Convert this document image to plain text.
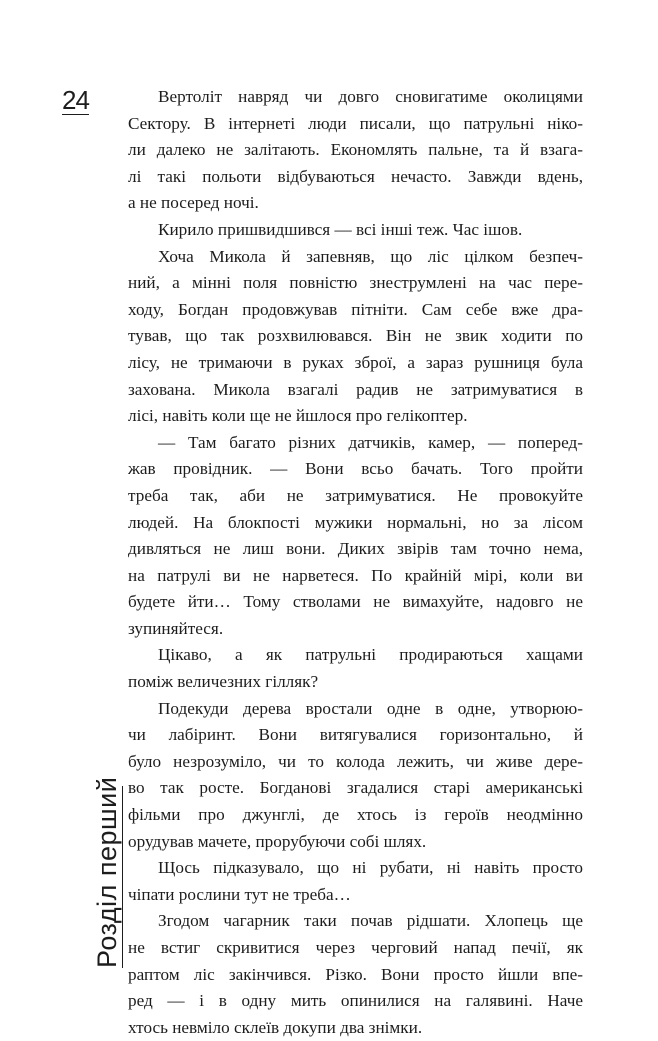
24
Розділ перший
Вертоліт навряд чи довго сновигатиме околицями
Сектору. В інтернеті люди писали, що патрульні ніко-
ли далеко не залітають. Економлять пальне, та й взага-
лі такі польоти відбуваються нечасто. Завжди вдень,
а не посеред ночі.
Кирило пришвидшився — всі інші теж. Час ішов.
Хоча Микола й запевняв, що ліс цілком безпеч-
ний, а мінні поля повністю знеструмлені на час пере-
ходу, Богдан продовжував пітніти. Сам себе вже дра-
тував, що так розхвилювався. Він не звик ходити по
лісу, не тримаючи в руках зброї, а зараз рушниця була
захована. Микола взагалі радив не затримуватися в
лісі, навіть коли ще не йшлося про гелікоптер.
— Там багато різних датчиків, камер, — поперед-
жав провідник. — Вони всьо бачать. Того пройти
треба так, аби не затримуватися. Не провокуйте
людей. На блокпості мужики нормальні, но за лісом
дивляться не лиш вони. Диких звірів там точно нема,
на патрулі ви не нарветеся. По крайній мірі, коли ви
будете йти… Тому стволами не вимахуйте, надовго не
зупиняйтеся.
Цікаво, а як патрульні продираються хащами
поміж величезних гілляк?
Подекуди дерева вростали одне в одне, утворюю-
чи лабіринт. Вони витягувалися горизонтально, й
було незрозуміло, чи то колода лежить, чи живе дере-
во так росте. Богданові згадалися старі американські
фільми про джунглі, де хтось із героїв неодмінно
орудував мачете, прорубуючи собі шлях.
Щось підказувало, що ні рубати, ні навіть просто
чіпати рослини тут не треба…
Згодом чагарник таки почав рідшати. Хлопець ще
не встиг скривитися через черговий напад печії, як
раптом ліс закінчився. Різко. Вони просто йшли впе-
ред — і в одну мить опинилися на галявині. Наче
хтось невміло склеїв докупи два знімки.
